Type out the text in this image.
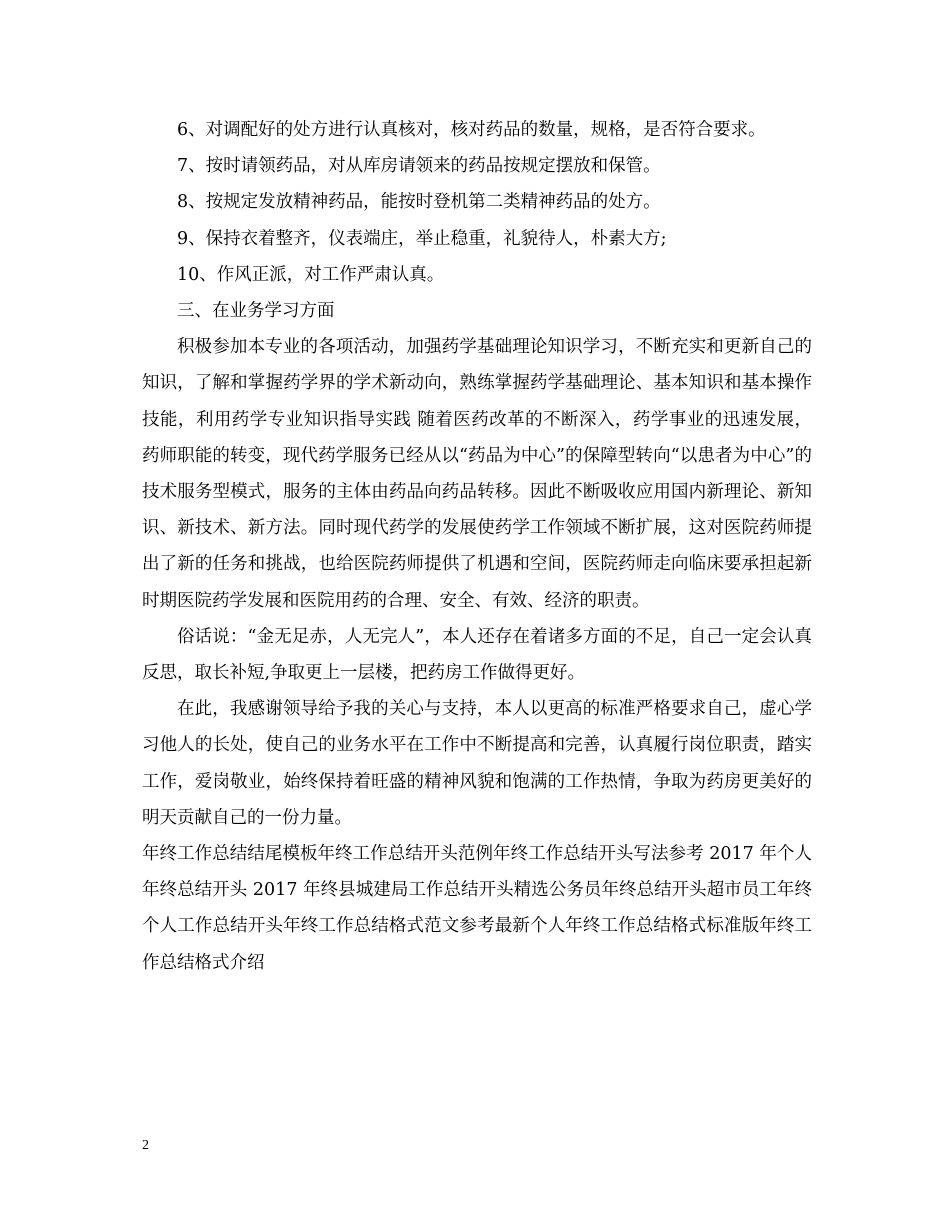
6、对调配好的处方进行认真核对，核对药品的数量，规格，是否符合要求。

7、按时请领药品，对从库房请领来的药品按规定摆放和保管。

8、按规定发放精神药品，能按时登机第二类精神药品的处方。

9、保持衣着整齐，仪表端庄，举止稳重，礼貌待人，朴素大方;

10、作风正派，对工作严肃认真。

三、在业务学习方面

积极参加本专业的各项活动，加强药学基础理论知识学习，不断充实和更新自己的知识，了解和掌握药学界的学术新动向，熟练掌握药学基础理论、基本知识和基本操作技能，利用药学专业知识指导实践 随着医药改革的不断深入，药学事业的迅速发展，药师职能的转变，现代药学服务已经从以“药品为中心”的保障型转向“以患者为中心”的技术服务型模式，服务的主体由药品向药品转移。因此不断吸收应用国内新理论、新知识、新技术、新方法。同时现代药学的发展使药学工作领域不断扩展，这对医院药师提出了新的任务和挑战，也给医院药师提供了机遇和空间，医院药师走向临床要承担起新时期医院药学发展和医院用药的合理、安全、有效、经济的职责。

俗话说：“金无足赤，人无完人”，本人还存在着诸多方面的不足，自己一定会认真反思，取长补短,争取更上一层楼，把药房工作做得更好。

在此，我感谢领导给予我的关心与支持，本人以更高的标准严格要求自己，虚心学习他人的长处，使自己的业务水平在工作中不断提高和完善，认真履行岗位职责，踏实工作，爱岗敬业，始终保持着旺盛的精神风貌和饱满的工作热情，争取为药房更美好的明天贡献自己的一份力量。

年终工作总结结尾模板年终工作总结开头范例年终工作总结开头写法参考 2017 年个人年终总结开头 2017 年终县城建局工作总结开头精选公务员年终总结开头超市员工年终个人工作总结开头年终工作总结格式范文参考最新个人年终工作总结格式标准版年终工作总结格式介绍

2
